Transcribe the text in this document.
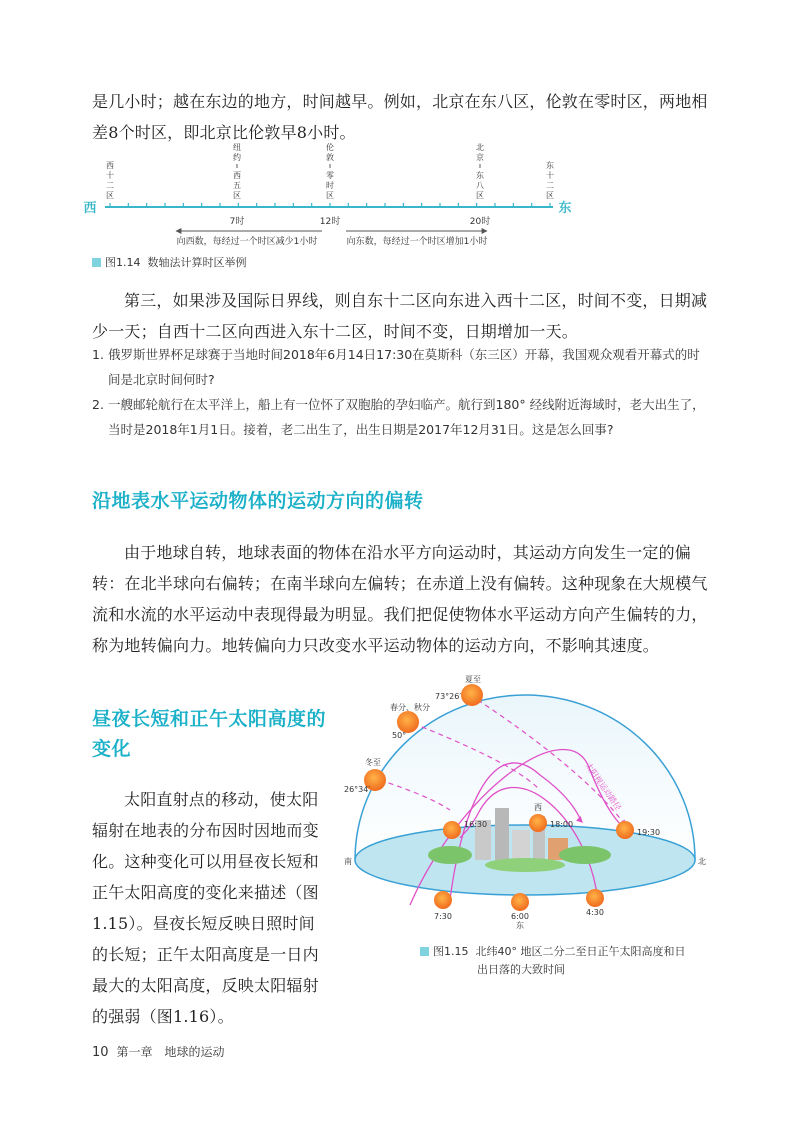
是几小时；越在东边的地方，时间越早。例如，北京在东八区，伦敦在零时区，两地相差8个时区，即北京比伦敦早8小时。
西	东
西十二区
西五区
纽约
零时区
伦敦
东八区
北京
东十二区
7时	12时	20时
向西数，每经过一个时区减少1小时	向东数，每经过一个时区增加1小时
图1.14 数轴法计算时区举例
第三，如果涉及国际日界线，则自东十二区向东进入西十二区，时间不变，日期减少一天；自西十二区向西进入东十二区，时间不变，日期增加一天。
1. 俄罗斯世界杯足球赛于当地时间2018年6月14日17:30在莫斯科（东三区）开幕，我国观众观看开幕式的时间是北京时间何时?
2. 一艘邮轮航行在太平洋上，船上有一位怀了双胞胎的孕妇临产。航行到180° 经线附近海域时，老大出生了，当时是2018年1月1日。接着，老二出生了，出生日期是2017年12月31日。这是怎么回事?
沿地表水平运动物体的运动方向的偏转
由于地球自转，地球表面的物体在沿水平方向运动时，其运动方向发生一定的偏转：在北半球向右偏转；在南半球向左偏转；在赤道上没有偏转。这种现象在大规模气流和水流的水平运动中表现得最为明显。我们把促使物体水平运动方向产生偏转的力，称为地转偏向力。地转偏向力只改变水平运动物体的运动方向，不影响其速度。
昼夜长短和正午太阳高度的变化
太阳直射点的移动，使太阳辐射在地表的分布因时因地而变化。这种变化可以用昼夜长短和正午太阳高度的变化来描述（图1.15）。昼夜长短反映日照时间的长短；正午太阳高度是一日内最大的太阳高度，反映太阳辐射的强弱（图1.16）。
夏至
73°26′
春分、秋分
50°
冬至
26°34′	太阳视运动路径
西
南	北
东
16:30	18:00
19:30
7:30	6:00	4:30
图1.15 北纬40° 地区二分二至日正午太阳高度和日
出日落的大致时间
10 第一章　地球的运动
